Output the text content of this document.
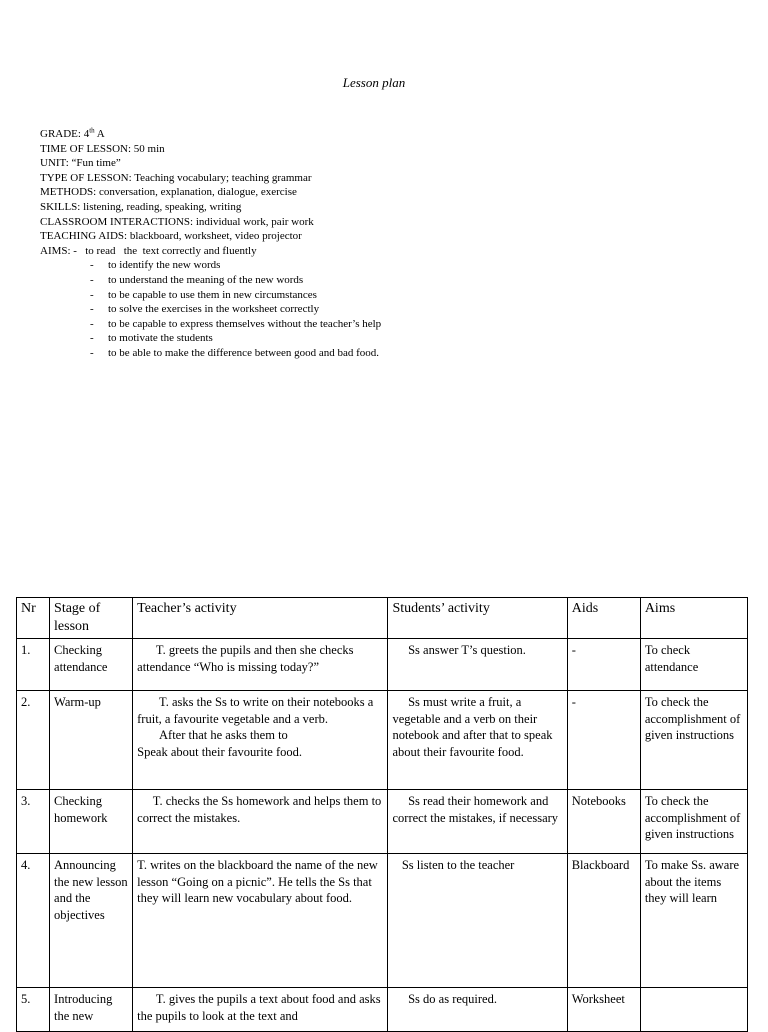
Lesson plan
GRADE: 4th A
TIME OF LESSON: 50 min
UNIT: “Fun time”
TYPE OF LESSON: Teaching vocabulary; teaching grammar
METHODS: conversation, explanation, dialogue, exercise
SKILLS: listening, reading, speaking, writing
CLASSROOM INTERACTIONS: individual work, pair work
TEACHING AIDS: blackboard, worksheet, video projector
AIMS: -   to read   the  text correctly and fluently
- to identify the new words
- to understand the meaning of the new words
- to be capable to use them in new circumstances
- to solve the exercises in the worksheet correctly
- to be capable to express themselves without the teacher’s help
- to motivate the students
- to be able to make the difference between good and bad food.
Nr	Stage of lesson	Teacher’s activity	Students’ activity	Aids	Aims
1.	Checking attendance	T. greets the pupils and then she checks attendance “Who is missing today?”	Ss answer T’s question.	-	To check attendance
2.	Warm-up	T. asks the Ss to write on their notebooks a fruit, a favourite vegetable and a verb.
After that he asks them to
Speak about their favourite food.	Ss must write a fruit, a vegetable and a verb on their notebook and after that to speak about their favourite food.	-	To check the accomplishment of given instructions
3.	Checking homework	T. checks the Ss homework and helps them to correct the mistakes.	Ss read their homework and correct the mistakes, if necessary	Notebooks	To check the accomplishment of given instructions
4.	Announcing the new lesson and the objectives	T. writes on the blackboard the name of the new lesson “Going on a picnic”. He tells the Ss that they will learn new vocabulary about food.	Ss listen to the teacher	Blackboard	To make Ss. aware about the items they will learn
5.	Introducing the new	T. gives the pupils a text about food and asks the pupils to look at the text and	Ss do as required.	Worksheet	
